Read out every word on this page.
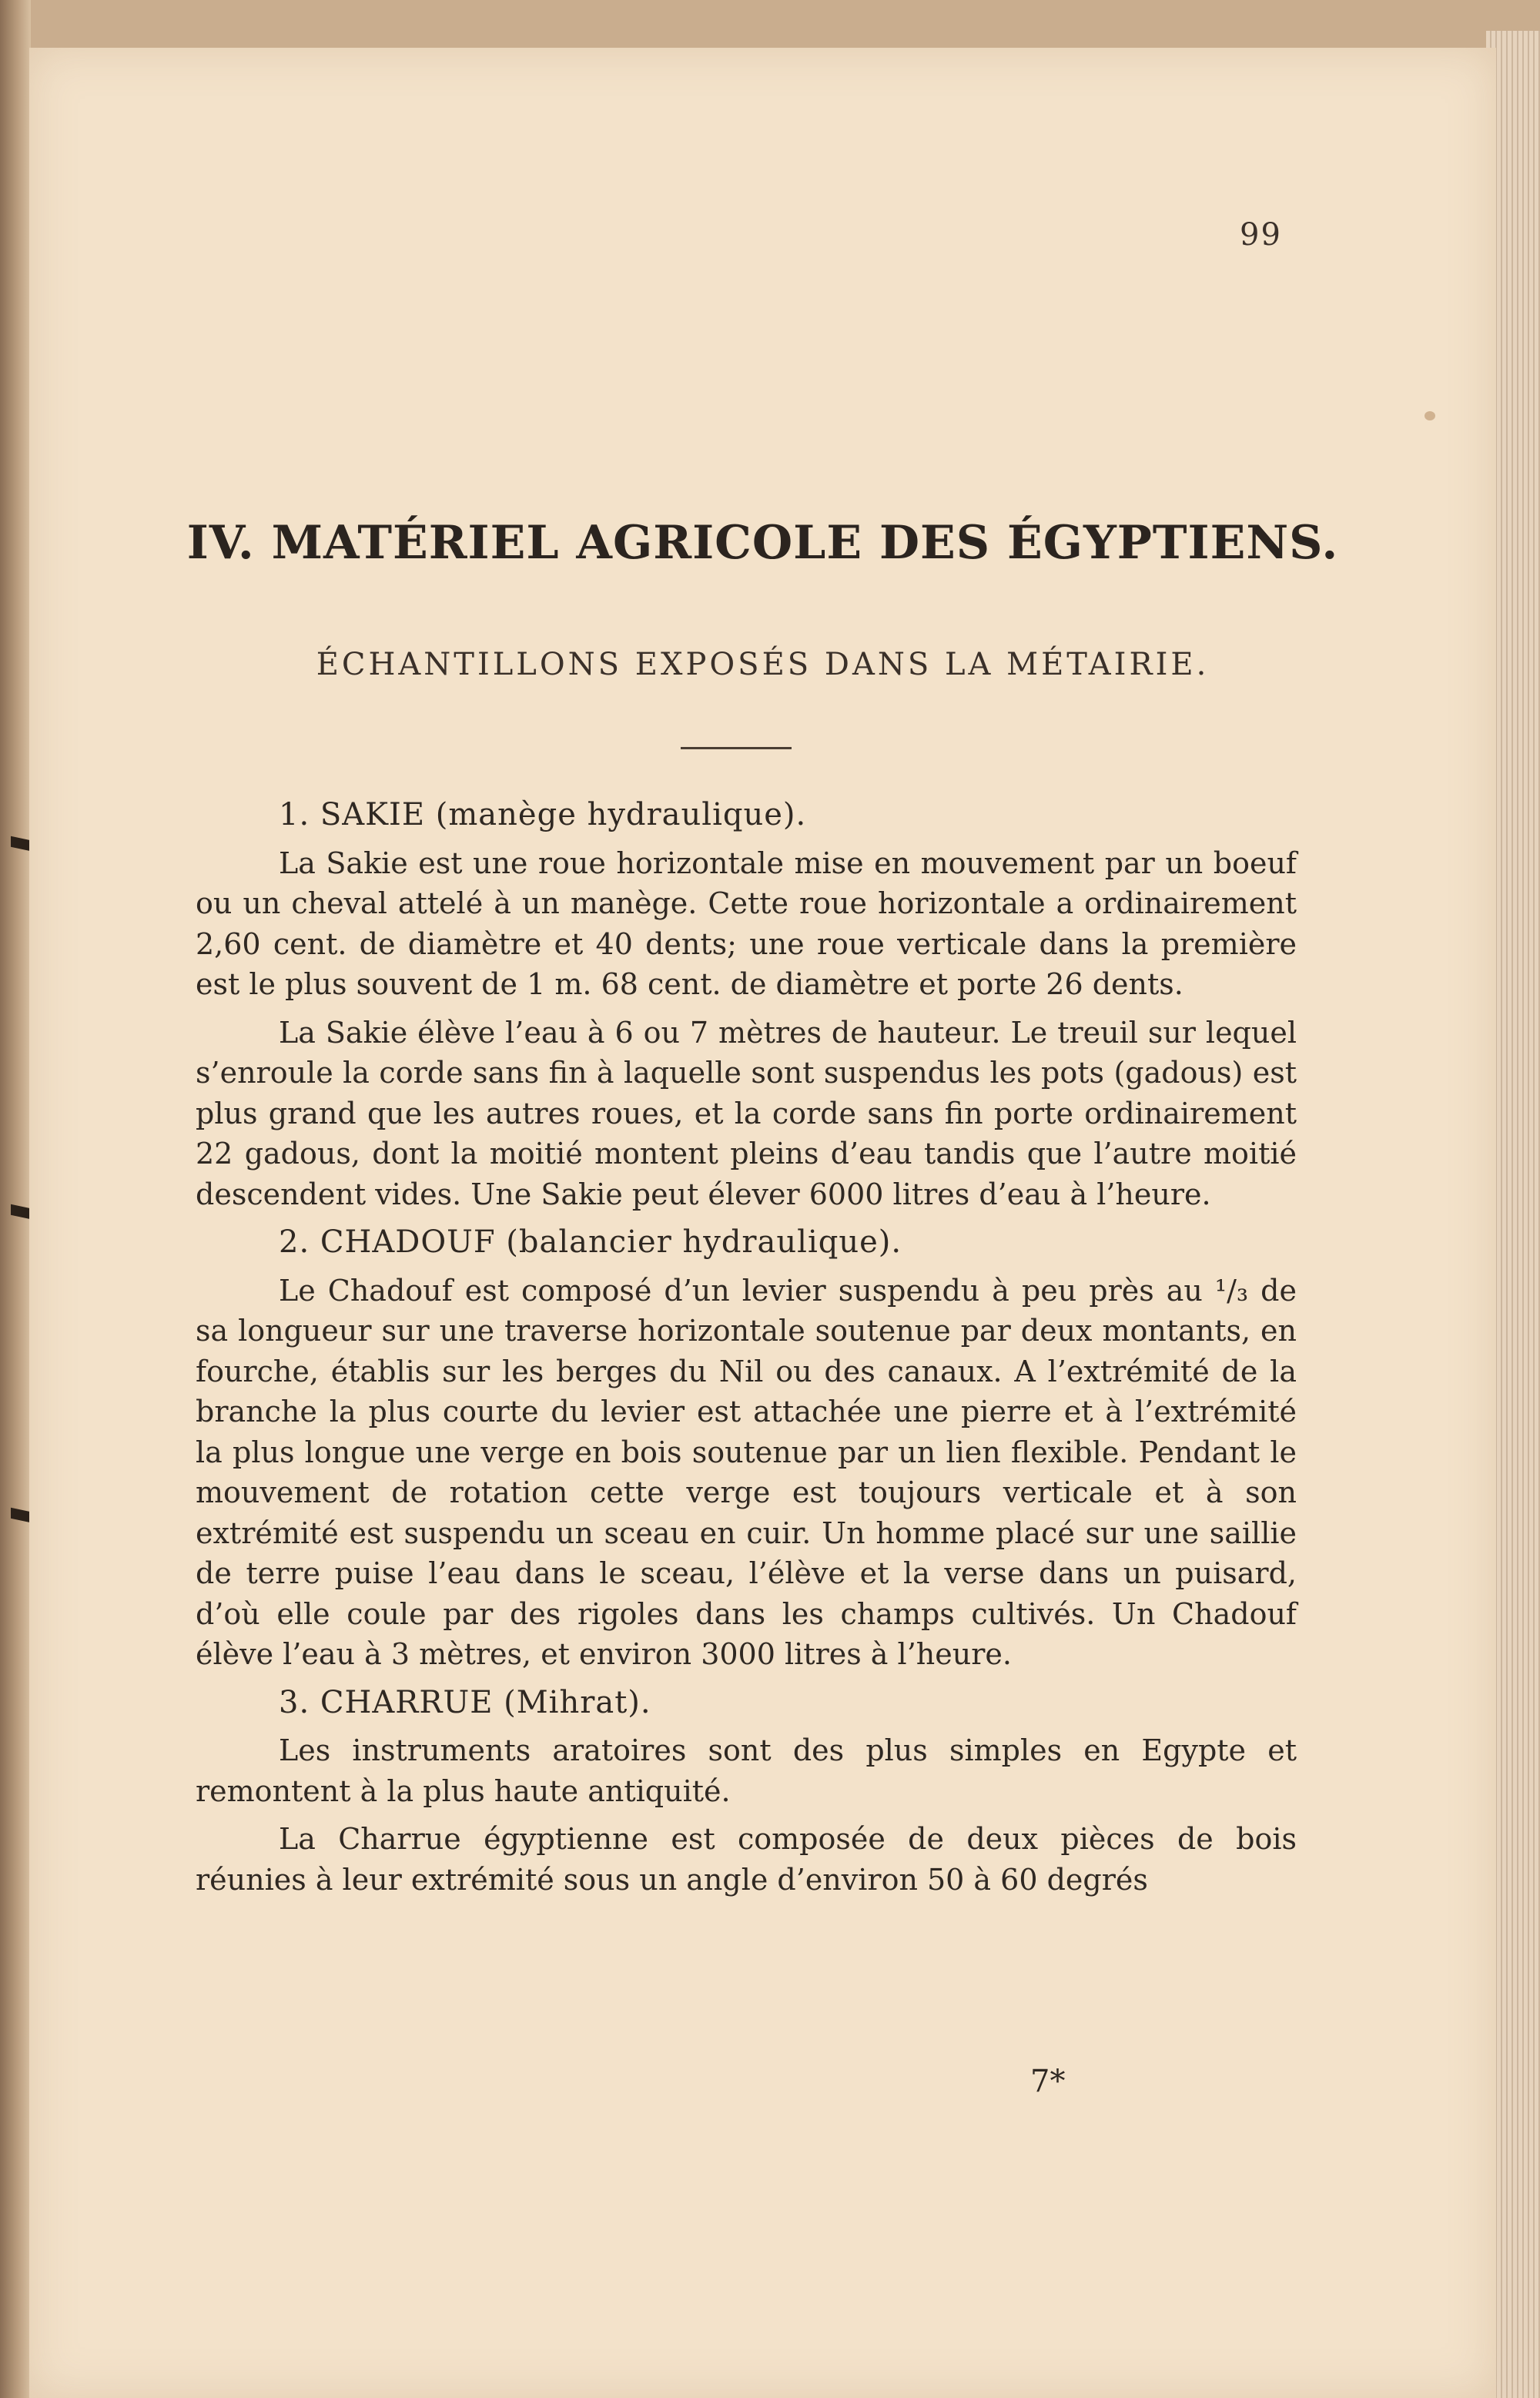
99
IV. MATÉRIEL AGRICOLE DES ÉGYPTIENS.
ÉCHANTILLONS EXPOSÉS DANS LA MÉTAIRIE.
1. SAKIE (manège hydraulique).

La Sakie est une roue horizontale mise en mouvement par un boeuf ou un cheval attelé à un manège. Cette roue horizontale a ordinairement 2,60 cent. de diamètre et 40 dents; une roue verticale dans la première est le plus souvent de 1 m. 68 cent. de diamètre et porte 26 dents.

La Sakie élève l’eau à 6 ou 7 mètres de hauteur. Le treuil sur lequel s’enroule la corde sans fin à laquelle sont suspendus les pots (gadous) est plus grand que les autres roues, et la corde sans fin porte ordinairement 22 gadous, dont la moitié montent pleins d’eau tandis que l’autre moitié descendent vides. Une Sakie peut élever 6000 litres d’eau à l’heure.

2. CHADOUF (balancier hydraulique).

Le Chadouf est composé d’un levier suspendu à peu près au ¹/₃ de sa longueur sur une traverse horizontale soutenue par deux montants, en fourche, établis sur les berges du Nil ou des canaux. A l’extrémité de la branche la plus courte du levier est attachée une pierre et à l’extrémité la plus longue une verge en bois soutenue par un lien flexible. Pendant le mouvement de rotation cette verge est toujours verticale et à son extrémité est suspendu un sceau en cuir. Un homme placé sur une saillie de terre puise l’eau dans le sceau, l’élève et la verse dans un puisard, d’où elle coule par des rigoles dans les champs cultivés. Un Chadouf élève l’eau à 3 mètres, et environ 3000 litres à l’heure.

3. CHARRUE (Mihrat).

Les instruments aratoires sont des plus simples en Egypte et remontent à la plus haute antiquité.

La Charrue égyptienne est composée de deux pièces de bois réunies à leur extrémité sous un angle d’environ 50 à 60 degrés

7*
